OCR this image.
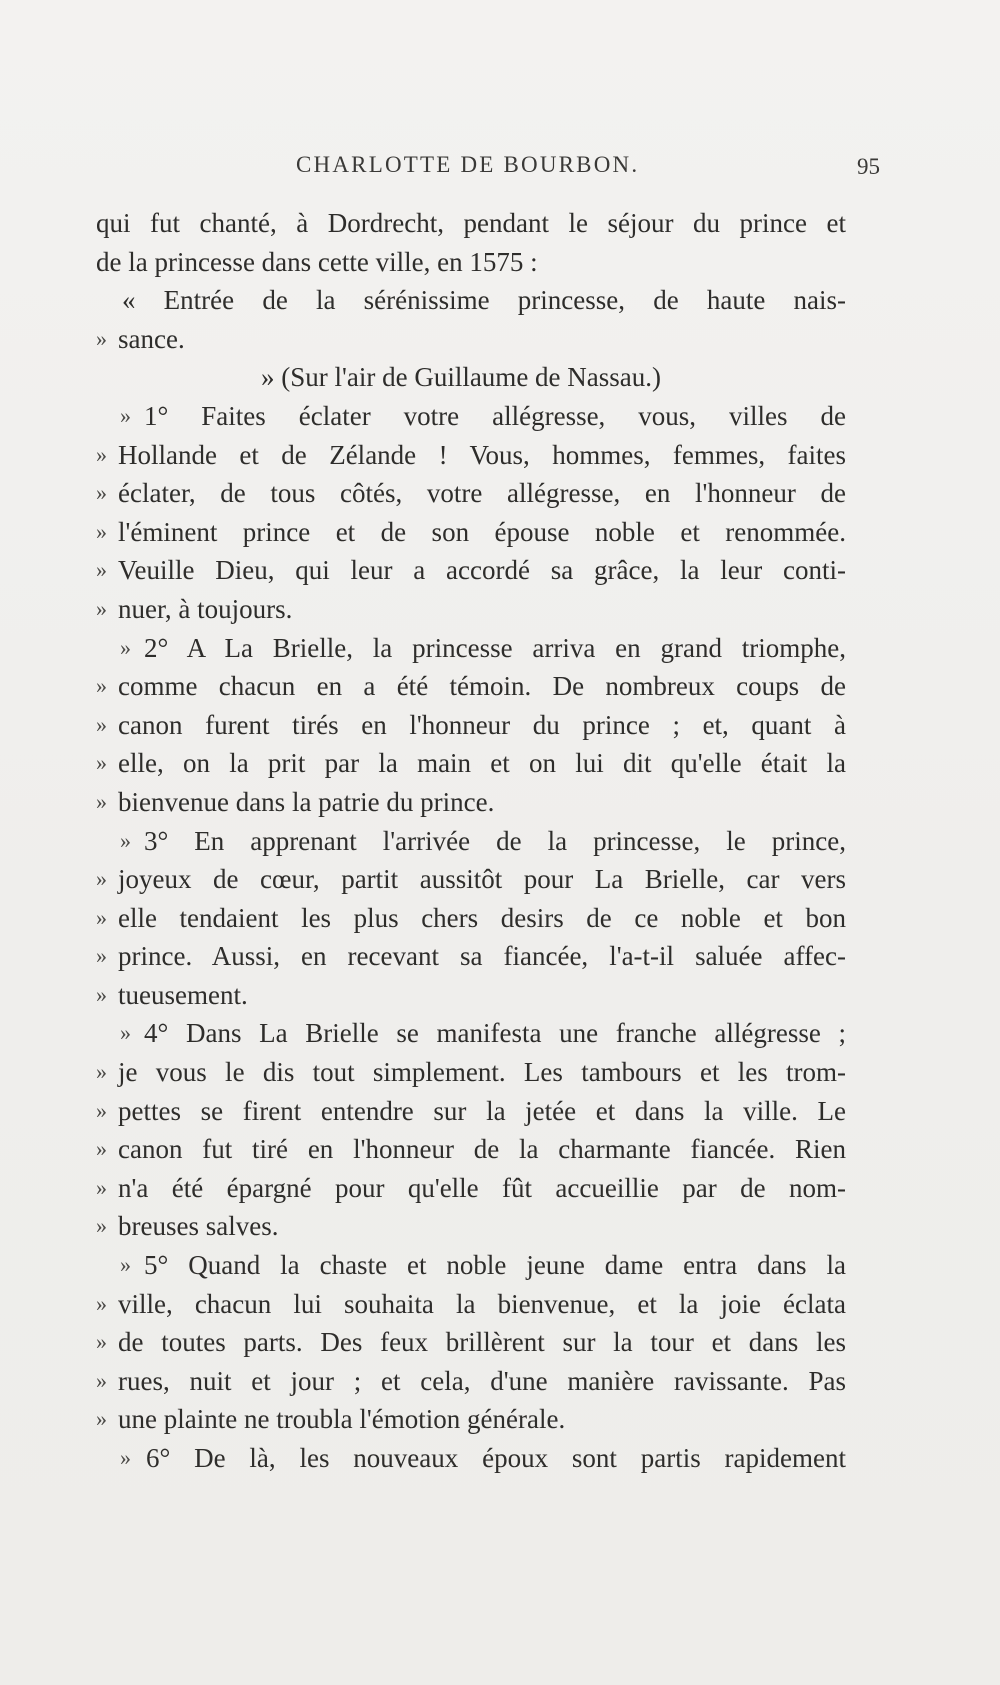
CHARLOTTE DE BOURBON.	95
qui fut chanté, à Dordrecht, pendant le séjour du prince et
de la princesse dans cette ville, en 1575 :
« Entrée de la sérénissime princesse, de haute nais-
» sance.
» (Sur l'air de Guillaume de Nassau.)
» 1° Faites éclater votre allégresse, vous, villes de
» Hollande et de Zélande ! Vous, hommes, femmes, faites
» éclater, de tous côtés, votre allégresse, en l'honneur de
» l'éminent prince et de son épouse noble et renommée.
» Veuille Dieu, qui leur a accordé sa grâce, la leur conti-
» nuer, à toujours.
» 2° A La Brielle, la princesse arriva en grand triomphe,
» comme chacun en a été témoin. De nombreux coups de
» canon furent tirés en l'honneur du prince ; et, quant à
» elle, on la prit par la main et on lui dit qu'elle était la
» bienvenue dans la patrie du prince.
» 3° En apprenant l'arrivée de la princesse, le prince,
» joyeux de cœur, partit aussitôt pour La Brielle, car vers
» elle tendaient les plus chers desirs de ce noble et bon
» prince. Aussi, en recevant sa fiancée, l'a-t-il saluée affec-
» tueusement.
» 4° Dans La Brielle se manifesta une franche allégresse ;
» je vous le dis tout simplement. Les tambours et les trom-
» pettes se firent entendre sur la jetée et dans la ville. Le
» canon fut tiré en l'honneur de la charmante fiancée. Rien
» n'a été épargné pour qu'elle fût accueillie par de nom-
» breuses salves.
» 5° Quand la chaste et noble jeune dame entra dans la
» ville, chacun lui souhaita la bienvenue, et la joie éclata
» de toutes parts. Des feux brillèrent sur la tour et dans les
» rues, nuit et jour ; et cela, d'une manière ravissante. Pas
» une plainte ne troubla l'émotion générale.
» 6° De là, les nouveaux époux sont partis rapidement
